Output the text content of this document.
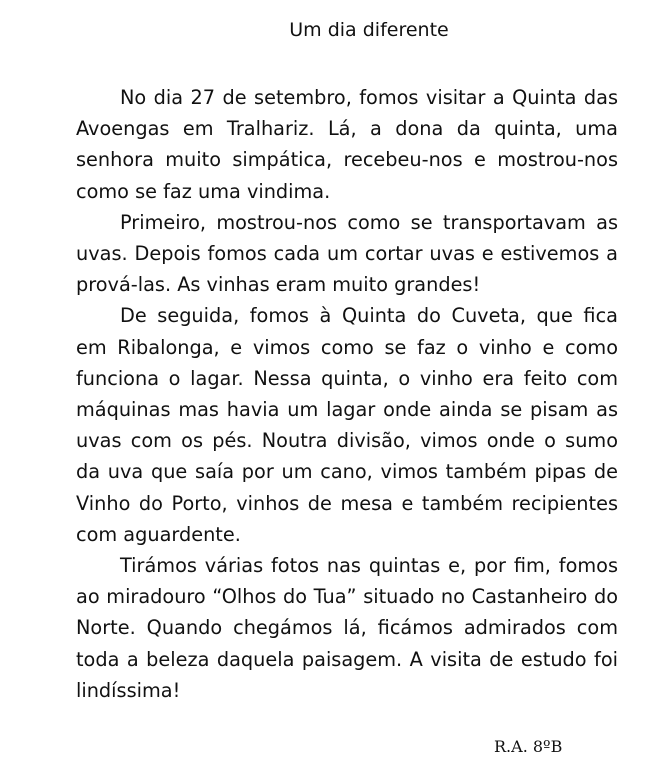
Um dia diferente

No dia 27 de setembro, fomos visitar a Quinta das Avoengas em Tralhariz. Lá, a dona da quinta, uma senhora muito simpática, recebeu-nos e mostrou-nos como se faz uma vindima.

Primeiro, mostrou-nos como se transportavam as uvas. Depois fomos cada um cortar uvas e estivemos a prová-las. As vinhas eram muito grandes!

De seguida, fomos à Quinta do Cuveta, que fica em Ribalonga, e vimos como se faz o vinho e como funciona o lagar. Nessa quinta, o vinho era feito com máquinas mas havia um lagar onde ainda se pisam as uvas com os pés. Noutra divisão, vimos onde o sumo da uva que saía por um cano, vimos também pipas de Vinho do Porto, vinhos de mesa e também recipientes com aguardente.

Tirámos várias fotos nas quintas e, por fim, fomos ao miradouro “Olhos do Tua” situado no Castanheiro do Norte. Quando chegámos lá, ficámos admirados com toda a beleza daquela paisagem. A visita de estudo foi lindíssima!

R.A. 8ºB
